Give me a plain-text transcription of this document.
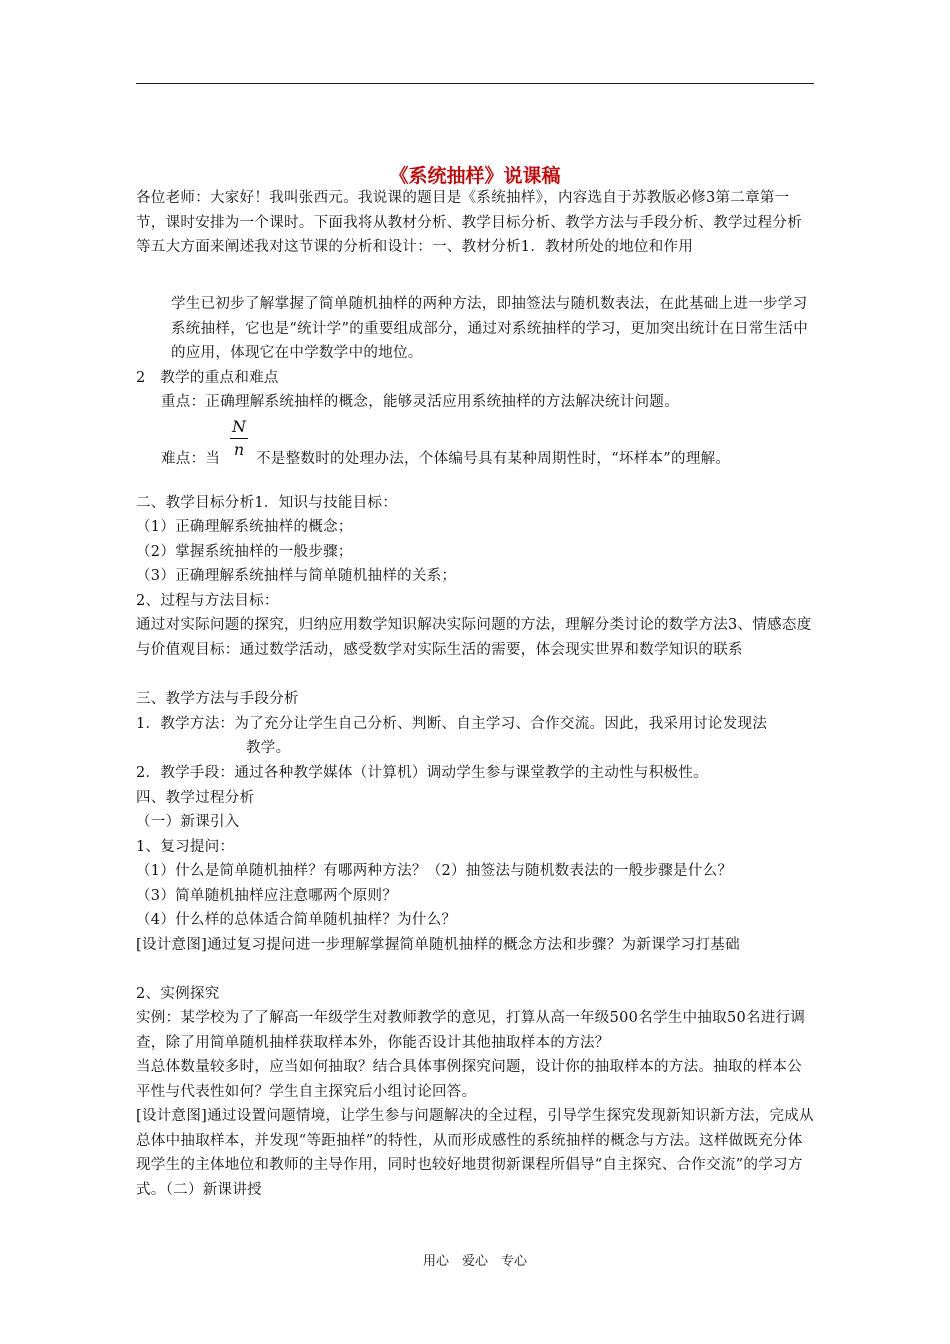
《系统抽样》说课稿

各位老师：大家好！我叫张西元。我说课的题目是《系统抽样》，内容选自于苏教版必修3第二章第一节，课时安排为一个课时。下面我将从教材分析、教学目标分析、教学方法与手段分析、教学过程分析等五大方面来阐述我对这节课的分析和设计：一、教材分析1．教材所处的地位和作用

学生已初步了解掌握了简单随机抽样的两种方法，即抽签法与随机数表法，在此基础上进一步学习系统抽样，它也是“统计学”的重要组成部分，通过对系统抽样的学习，更加突出统计在日常生活中的应用，体现它在中学数学中的地位。

2　教学的重点和难点

重点：正确理解系统抽样的概念，能够灵活应用系统抽样的方法解决统计问题。

N
n

难点：当	不是整数时的处理办法，个体编号具有某种周期性时，“坏样本”的理解。

二、教学目标分析1．知识与技能目标：

（1）正确理解系统抽样的概念；

（2）掌握系统抽样的一般步骤；

（3）正确理解系统抽样与简单随机抽样的关系；

2、过程与方法目标：

通过对实际问题的探究，归纳应用数学知识解决实际问题的方法，理解分类讨论的数学方法3、情感态度与价值观目标：通过数学活动，感受数学对实际生活的需要，体会现实世界和数学知识的联系

三、教学方法与手段分析

1．教学方法：为了充分让学生自己分析、判断、自主学习、合作交流。因此，我采用讨论发现法

教学。

2．教学手段：通过各种教学媒体（计算机）调动学生参与课堂教学的主动性与积极性。

四、教学过程分析

（一）新课引入

1、复习提问：

（1）什么是简单随机抽样？有哪两种方法？（2）抽签法与随机数表法的一般步骤是什么？

（3）简单随机抽样应注意哪两个原则？

（4）什么样的总体适合简单随机抽样？为什么？

[设计意图]通过复习提问进一步理解掌握简单随机抽样的概念方法和步骤？为新课学习打基础

2、实例探究

实例：某学校为了了解高一年级学生对教师教学的意见，打算从高一年级500名学生中抽取50名进行调查，除了用简单随机抽样获取样本外，你能否设计其他抽取样本的方法？

当总体数量较多时，应当如何抽取？结合具体事例探究问题，设计你的抽取样本的方法。抽取的样本公平性与代表性如何？学生自主探究后小组讨论回答。

[设计意图]通过设置问题情境，让学生参与问题解决的全过程，引导学生探究发现新知识新方法，完成从总体中抽取样本，并发现“等距抽样”的特性，从而形成感性的系统抽样的概念与方法。这样做既充分体现学生的主体地位和教师的主导作用，同时也较好地贯彻新课程所倡导“自主探究、合作交流”的学习方式。（二）新课讲授

用心　爱心　专心
